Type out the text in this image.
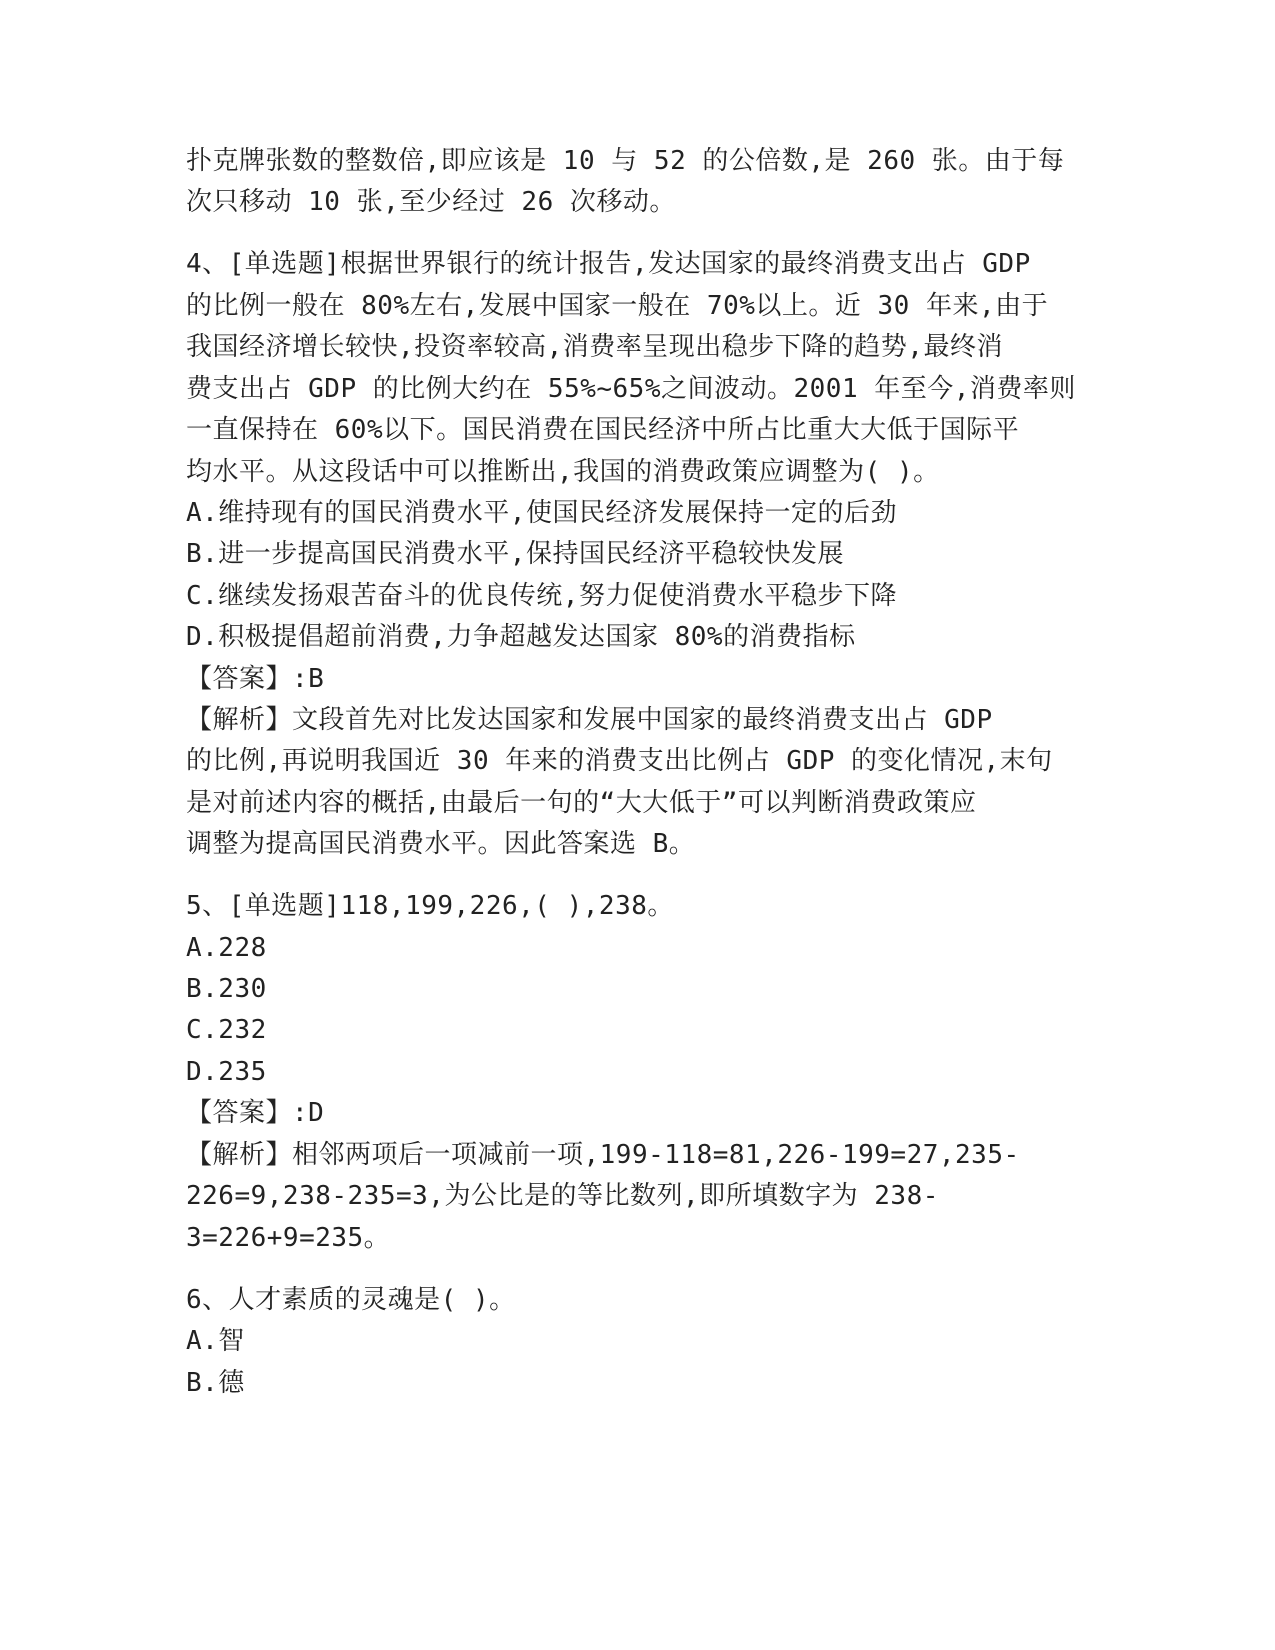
扑克牌张数的整数倍,即应该是 10 与 52 的公倍数,是 260 张。由于每
次只移动 10 张,至少经过 26 次移动。
4、[单选题]根据世界银行的统计报告,发达国家的最终消费支出占 GDP
的比例一般在 80%左右,发展中国家一般在 70%以上。近 30 年来,由于
我国经济增长较快,投资率较高,消费率呈现出稳步下降的趋势,最终消
费支出占 GDP 的比例大约在 55%~65%之间波动。2001 年至今,消费率则
一直保持在 60%以下。国民消费在国民经济中所占比重大大低于国际平
均水平。从这段话中可以推断出,我国的消费政策应调整为( )。
A.维持现有的国民消费水平,使国民经济发展保持一定的后劲
B.进一步提高国民消费水平,保持国民经济平稳较快发展
C.继续发扬艰苦奋斗的优良传统,努力促使消费水平稳步下降
D.积极提倡超前消费,力争超越发达国家 80%的消费指标
【答案】:B
【解析】文段首先对比发达国家和发展中国家的最终消费支出占 GDP
的比例,再说明我国近 30 年来的消费支出比例占 GDP 的变化情况,末句
是对前述内容的概括,由最后一句的“大大低于”可以判断消费政策应
调整为提高国民消费水平。因此答案选 B。
5、[单选题]118,199,226,( ),238。
A.228
B.230
C.232
D.235
【答案】:D
【解析】相邻两项后一项减前一项,199-118=81,226-199=27,235-
226=9,238-235=3,为公比是的等比数列,即所填数字为 238-
3=226+9=235。
6、人才素质的灵魂是( )。
A.智
B.德
